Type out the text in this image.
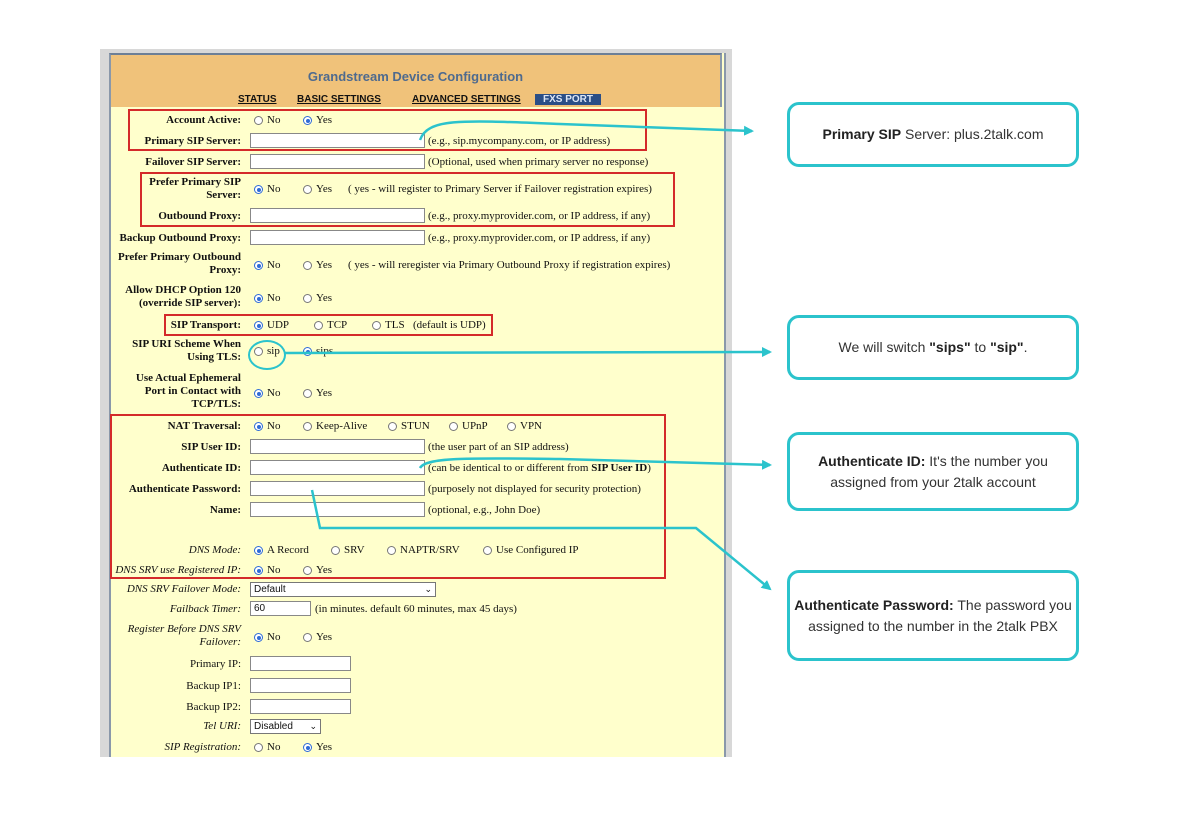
Grandstream Device Configuration
STATUS BASIC SETTINGS	ADVANCED SETTINGS	FXS PORT
Account Active: No	Yes
Primary SIP Server:	(e.g., sip.mycompany.com, or IP address)
Failover SIP Server:	(Optional, used when primary server no response)
Prefer Primary SIP
Server: No	Yes ( yes - will register to Primary Server if Failover registration expires)
Outbound Proxy:	(e.g., proxy.myprovider.com, or IP address, if any)
Backup Outbound Proxy:	(e.g., proxy.myprovider.com, or IP address, if any)
Prefer Primary Outbound
Proxy: No	Yes ( yes - will reregister via Primary Outbound Proxy if registration expires)
Allow DHCP Option 120
(override SIP server): No	Yes
SIP Transport: UDP	TCP	TLS (default is UDP)
SIP URI Scheme When
Using TLS: sip	sips
Use Actual Ephemeral
Port in Contact with
TCP/TLS:
No	Yes
NAT Traversal: No	Keep-Alive	STUN	UPnP	VPN
SIP User ID:	(the user part of an SIP address)
Authenticate ID:	(can be identical to or different from SIP User ID)
Authenticate Password:	(purposely not displayed for security protection)
Name:	(optional, e.g., John Doe)
DNS Mode: A Record	SRV	NAPTR/SRV	Use Configured IP
DNS SRV use Registered IP: No	Yes
DNS SRV Failover Mode:	Default	⌄
Failback Timer:	60	(in minutes. default 60 minutes, max 45 days)
Register Before DNS SRV
Failover: No	Yes
Primary IP:
Backup IP1:
Backup IP2:
Tel URI:	Disabled ⌄
SIP Registration: No	Yes
Primary SIP Server: plus.2talk.com
We will switch "sips" to "sip".
Authenticate ID: It's the number you assigned from your 2talk account
Authenticate Password: The password you assigned to the number in the 2talk PBX
